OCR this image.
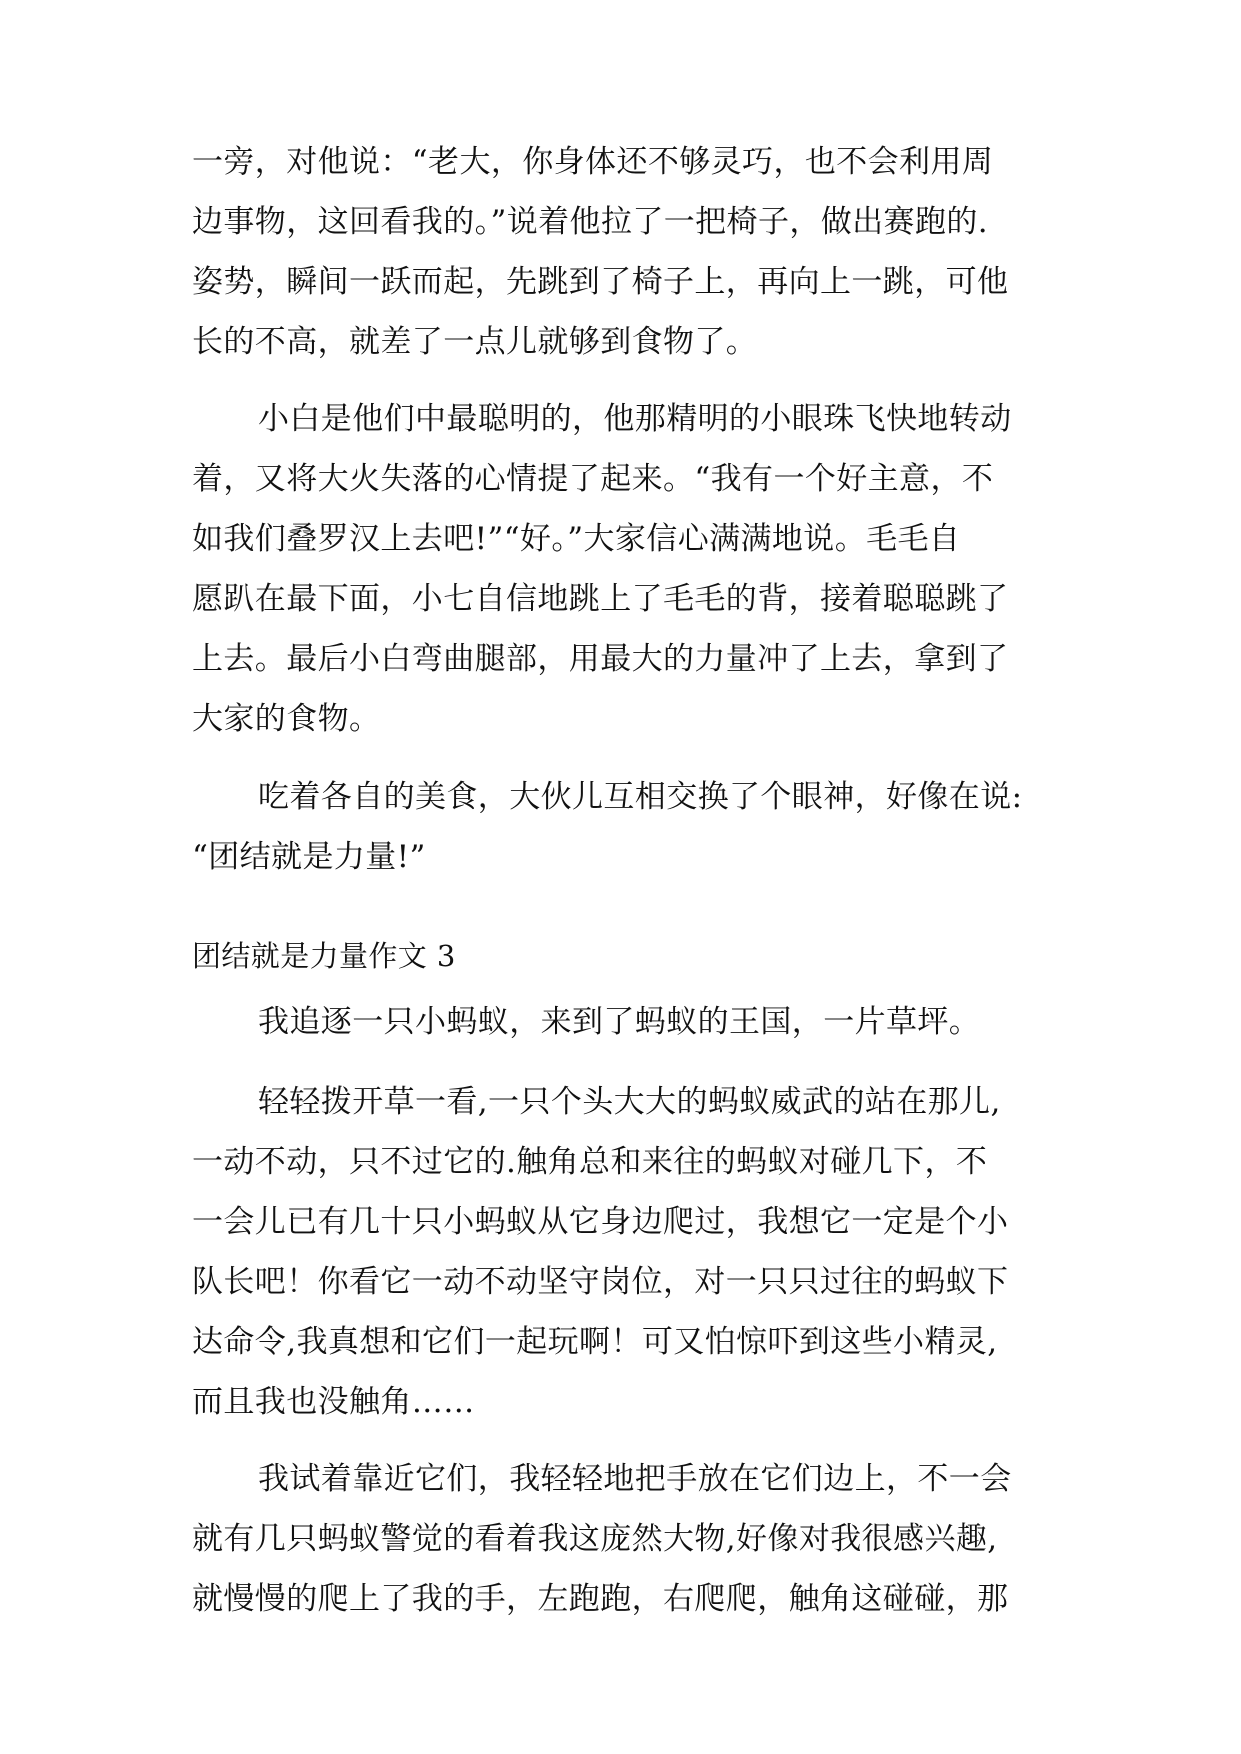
一旁，对他说：“老大，你身体还不够灵巧，也不会利用周
边事物，这回看我的。”说着他拉了一把椅子，做出赛跑的.
姿势，瞬间一跃而起，先跳到了椅子上，再向上一跳，可他
长的不高，就差了一点儿就够到食物了。
小白是他们中最聪明的，他那精明的小眼珠飞快地转动
着，又将大火失落的心情提了起来。“我有一个好主意，不
如我们叠罗汉上去吧!”“好。”大家信心满满地说。毛毛自
愿趴在最下面，小七自信地跳上了毛毛的背，接着聪聪跳了
上去。最后小白弯曲腿部，用最大的力量冲了上去，拿到了
大家的食物。
吃着各自的美食，大伙儿互相交换了个眼神，好像在说:
“团结就是力量!”
团结就是力量作文 3
我追逐一只小蚂蚁，来到了蚂蚁的王国，一片草坪。
轻轻拨开草一看,一只个头大大的蚂蚁威武的站在那儿,
一动不动，只不过它的.触角总和来往的蚂蚁对碰几下，不
一会儿已有几十只小蚂蚁从它身边爬过，我想它一定是个小
队长吧！你看它一动不动坚守岗位，对一只只过往的蚂蚁下
达命令,我真想和它们一起玩啊！可又怕惊吓到这些小精灵,
而且我也没触角……
我试着靠近它们，我轻轻地把手放在它们边上，不一会
就有几只蚂蚁警觉的看着我这庞然大物,好像对我很感兴趣,
就慢慢的爬上了我的手，左跑跑，右爬爬，触角这碰碰，那
